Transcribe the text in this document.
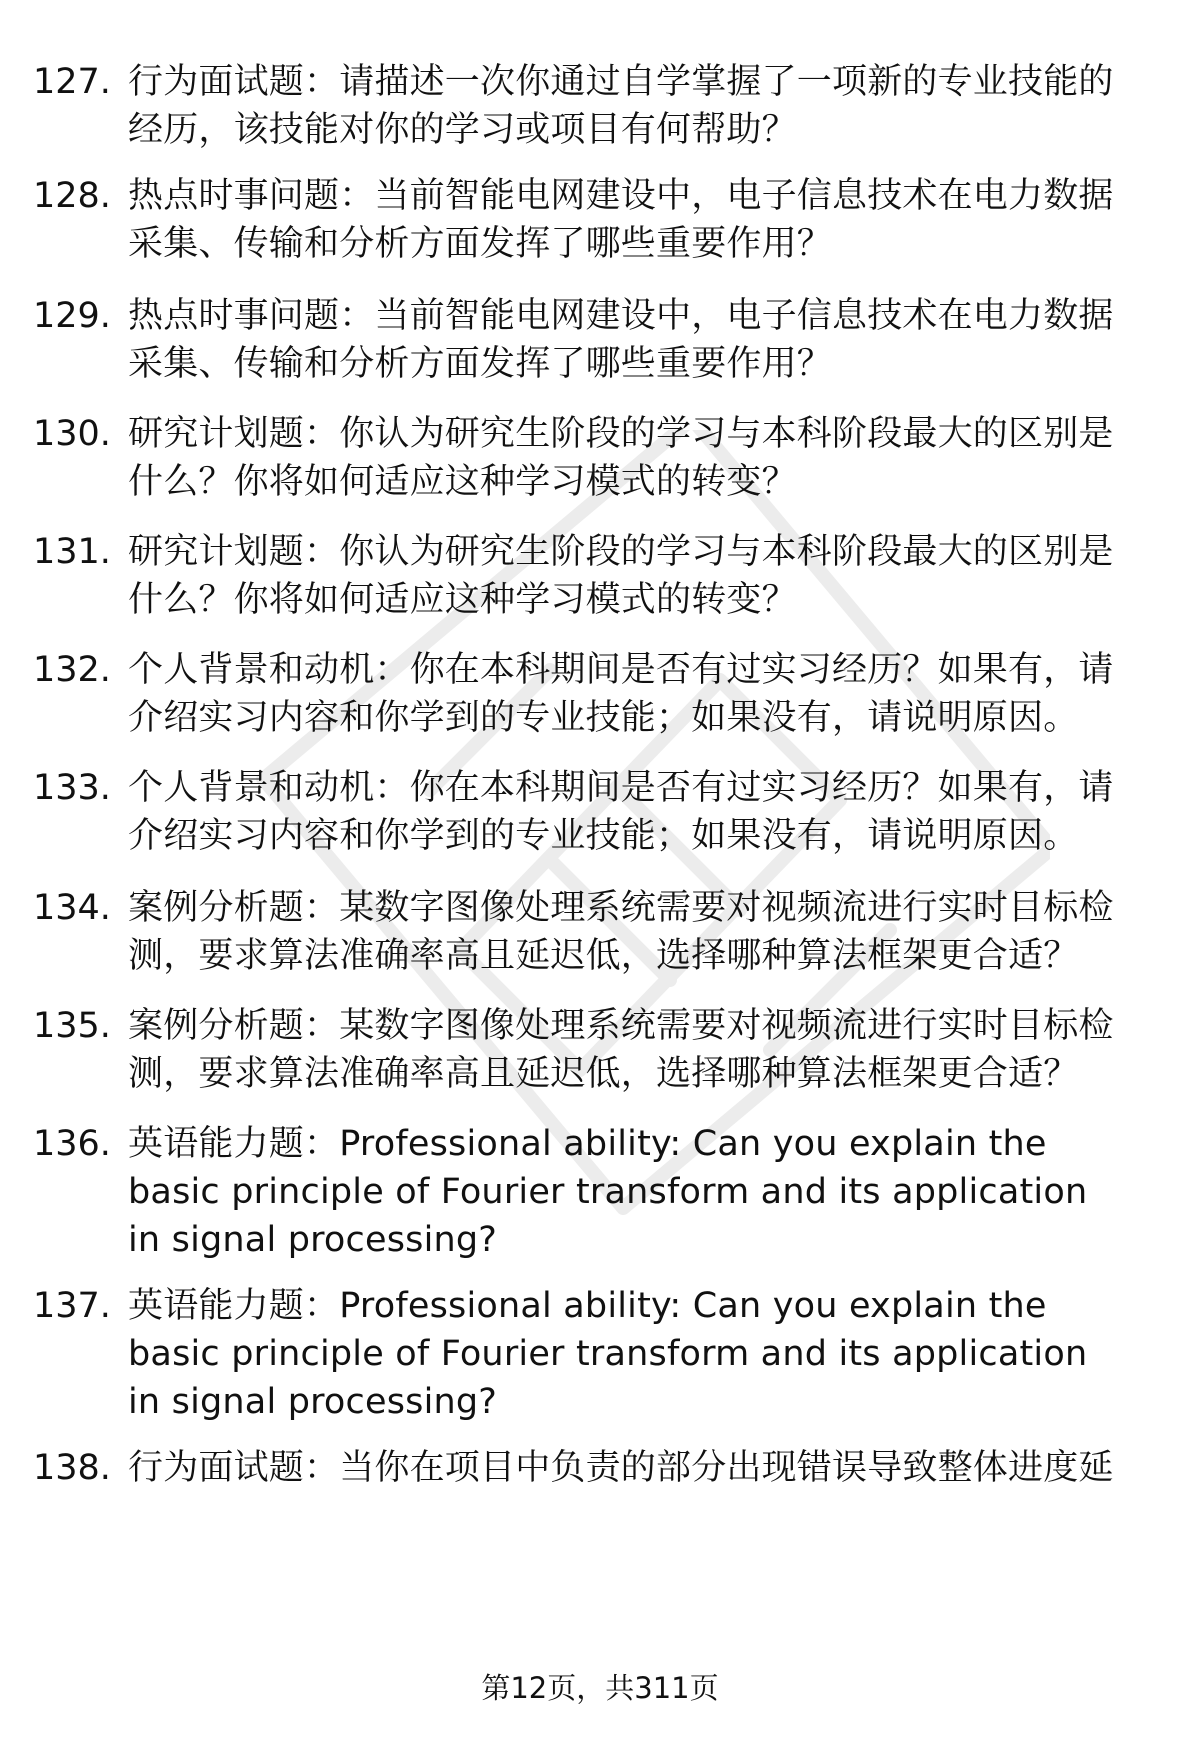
127. 行为面试题：请描述一次你通过自学掌握了一项新的专业技能的经历，该技能对你的学习或项目有何帮助？
128. 热点时事问题：当前智能电网建设中，电子信息技术在电力数据采集、传输和分析方面发挥了哪些重要作用？
129. 热点时事问题：当前智能电网建设中，电子信息技术在电力数据采集、传输和分析方面发挥了哪些重要作用？
130. 研究计划题：你认为研究生阶段的学习与本科阶段最大的区别是什么？你将如何适应这种学习模式的转变？
131. 研究计划题：你认为研究生阶段的学习与本科阶段最大的区别是什么？你将如何适应这种学习模式的转变？
132. 个人背景和动机：你在本科期间是否有过实习经历？如果有，请介绍实习内容和你学到的专业技能；如果没有，请说明原因。
133. 个人背景和动机：你在本科期间是否有过实习经历？如果有，请介绍实习内容和你学到的专业技能；如果没有，请说明原因。
134. 案例分析题：某数字图像处理系统需要对视频流进行实时目标检测，要求算法准确率高且延迟低，选择哪种算法框架更合适？
135. 案例分析题：某数字图像处理系统需要对视频流进行实时目标检测，要求算法准确率高且延迟低，选择哪种算法框架更合适？
136. 英语能力题：Professional ability: Can you explain the basic principle of Fourier transform and its application in signal processing?
137. 英语能力题：Professional ability: Can you explain the basic principle of Fourier transform and its application in signal processing?
138. 行为面试题：当你在项目中负责的部分出现错误导致整体进度延
第12页，共311页
